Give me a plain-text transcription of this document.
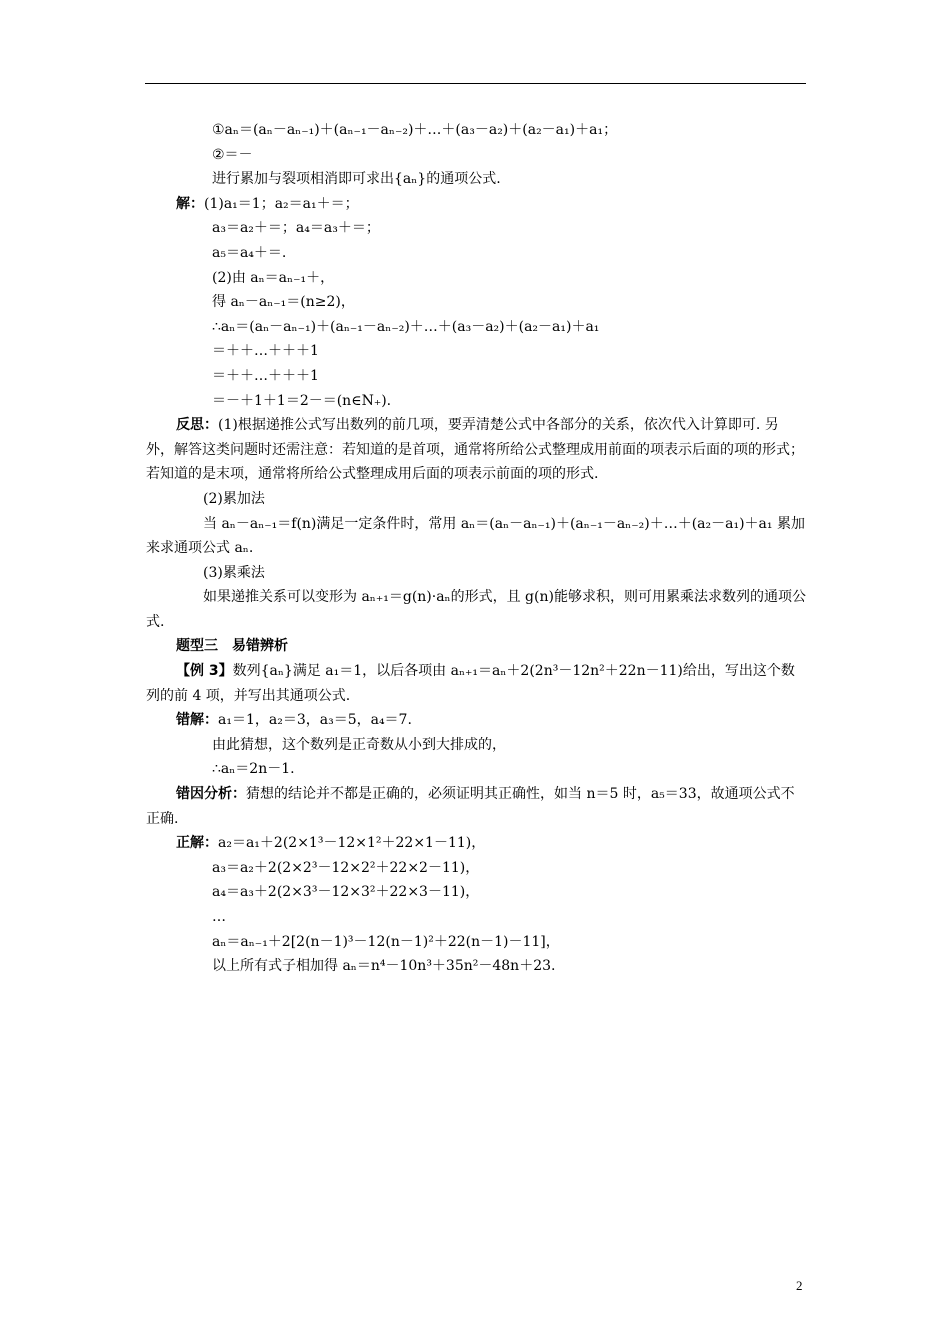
①aₙ＝(aₙ－aₙ₋₁)＋(aₙ₋₁－aₙ₋₂)＋…＋(a₃－a₂)＋(a₂－a₁)＋a₁；
②＝－
进行累加与裂项相消即可求出{aₙ}的通项公式.
解：(1)a₁＝1；a₂＝a₁＋＝；
a₃＝a₂＋＝；a₄＝a₃＋＝；
a₅＝a₄＋＝.
(2)由 aₙ＝aₙ₋₁＋，
得 aₙ－aₙ₋₁＝(n≥2)，
∴aₙ＝(aₙ－aₙ₋₁)＋(aₙ₋₁－aₙ₋₂)＋…＋(a₃－a₂)＋(a₂－a₁)＋a₁
＝＋＋…＋＋＋1
＝＋＋…＋＋＋1
＝－＋1＋1＝2－＝(n∈N₊).
反思：(1)根据递推公式写出数列的前几项，要弄清楚公式中各部分的关系，依次代入计算即可. 另外，解答这类问题时还需注意：若知道的是首项，通常将所给公式整理成用前面的项表示后面的项的形式；若知道的是末项，通常将所给公式整理成用后面的项表示前面的项的形式.
(2)累加法
当 aₙ－aₙ₋₁＝f(n)满足一定条件时，常用 aₙ＝(aₙ－aₙ₋₁)＋(aₙ₋₁－aₙ₋₂)＋…＋(a₂－a₁)＋a₁ 累加来求通项公式 aₙ.
(3)累乘法
如果递推关系可以变形为 aₙ₊₁＝g(n)·aₙ的形式，且 g(n)能够求积，则可用累乘法求数列的通项公式.
题型三　易错辨析
【例 3】数列{aₙ}满足 a₁＝1，以后各项由 aₙ₊₁＝aₙ＋2(2n³－12n²＋22n－11)给出，写出这个数列的前 4 项，并写出其通项公式.
错解：a₁＝1，a₂＝3，a₃＝5，a₄＝7.
由此猜想，这个数列是正奇数从小到大排成的，
∴aₙ＝2n－1.
错因分析：猜想的结论并不都是正确的，必须证明其正确性，如当 n＝5 时，a₅＝33，故通项公式不正确.
正解：a₂＝a₁＋2(2×1³－12×1²＋22×1－11)，
a₃＝a₂＋2(2×2³－12×2²＋22×2－11)，
a₄＝a₃＋2(2×3³－12×3²＋22×3－11)，
…
aₙ＝aₙ₋₁＋2[2(n－1)³－12(n－1)²＋22(n－1)－11]，
以上所有式子相加得 aₙ＝n⁴－10n³＋35n²－48n＋23.
2
